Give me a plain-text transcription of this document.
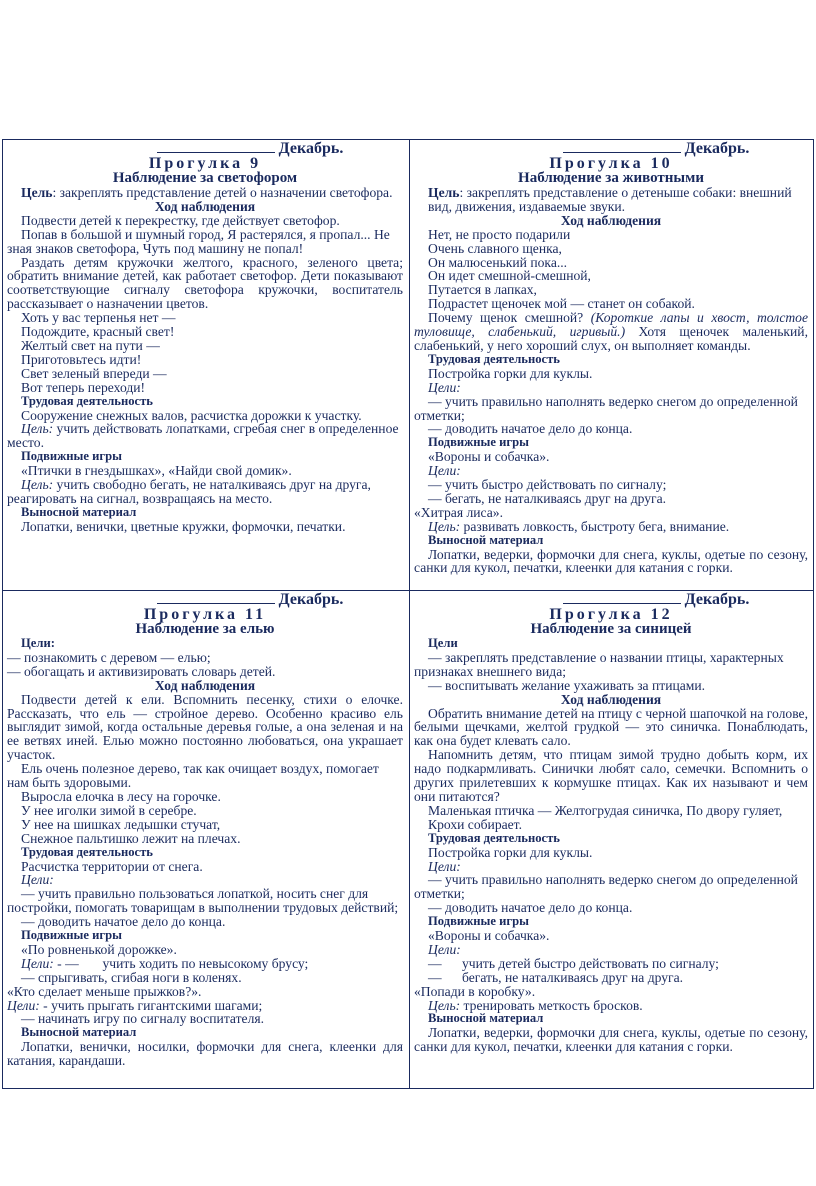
Декабрь.
Прогулка 9
Наблюдение за светофором
Цель: закреплять представление детей о назначении светофора.
Ход наблюдения

Подвести детей к перекрестку, где действует светофор.

Попав в большой и шумный город, Я растерялся, я пропал... Не зная знаков светофора, Чуть под машину не попал!

Раздать детям кружочки желтого, красного, зеленого цвета; обратить внимание детей, как работает светофор. Дети показывают соответствующие сигналу светофора кружочки, воспитатель рассказывает о назначении цветов.

Хоть у вас терпенья нет —
Подождите, красный свет!
Желтый свет на пути —
Приготовьтесь идти!
Свет зеленый впереди —
Вот теперь переходи!
Трудовая деятельность
Сооружение снежных валов, расчистка дорожки к участку.

Цель: учить действовать лопатками, сгребая снег в определенное место.

Подвижные игры
«Птички в гнездышках», «Найди свой домик».

Цель: учить свободно бегать, не наталкиваясь друг на друга, реагировать на сигнал, возвращаясь на место.

Выносной материал
Лопатки, венички, цветные кружки, формочки, печатки.
Декабрь.
Прогулка 10
Наблюдение за животными
Цель: закреплять представление о детеныше собаки: внешний вид, движения, издаваемые звуки.
Ход наблюдения
Нет, не просто подарили
Очень славного щенка,
Он малюсенький пока...
Он идет смешной-смешной,
Путается в лапках,
Подрастет щеночек мой — станет он собакой.

Почему щенок смешной? (Короткие лапы и хвост, толстое туловище, слабенький, игривый.) Хотя щеночек маленький, слабенький, у него хороший слух, он выполняет команды.

Трудовая деятельность
Постройка горки для куклы.
Цели:

— учить правильно наполнять ведерко снегом до определенной отметки;

— доводить начатое дело до конца.

Подвижные игры
«Вороны и собачка».
Цели:
— учить быстро действовать по сигналу;
— бегать, не наталкиваясь друг на друга.
«Хитрая лиса».
Цель: развивать ловкость, быстроту бега, внимание.
Выносной материал

Лопатки, ведерки, формочки для снега, куклы, одетые по сезону, санки для кукол, печатки, клеенки для катания с горки.

Декабрь.
Прогулка 11
Наблюдение за елью
Цели:
— познакомить с деревом — елью;
— обогащать и активизировать словарь детей.
Ход наблюдения

Подвести детей к ели. Вспомнить песенку, стихи о елочке. Рассказать, что ель — стройное дерево. Особенно красиво ель выглядит зимой, когда остальные деревья голые, а она зеленая и на ее ветвях иней. Елью можно постоянно любоваться, она украшает участок.

Ель очень полезное дерево, так как очищает воздух, помогает нам быть здоровыми.

Выросла елочка в лесу на горочке.
У нее иголки зимой в серебре.
У нее на шишках ледышки стучат,
Снежное пальтишко лежит на плечах.
Трудовая деятельность
Расчистка территории от снега.
Цели:

— учить правильно пользоваться лопаткой, носить снег для постройки, помогать товарищам в выполнении трудовых действий;

— доводить начатое дело до конца.

Подвижные игры
«По ровненькой дорожке».
Цели: - —       учить ходить по невысокому брусу;
— спрыгивать, сгибая ноги в коленях.
«Кто сделает меньше прыжков?».
Цели: - учить прыгать гигантскими шагами;
— начинать игру по сигналу воспитателя.
Выносной материал

Лопатки, венички, носилки, формочки для снега, клеенки для катания, карандаши.

Декабрь.
Прогулка 12
Наблюдение за синицей
Цели

— закреплять представление о названии птицы, характерных признаках внешнего вида;

— воспитывать желание ухаживать за птицами.

Ход наблюдения

Обратить внимание детей на птицу с черной шапочкой на голове, белыми щечками, желтой грудкой — это синичка. Понаблюдать, как она будет клевать сало.

Напомнить детям, что птицам зимой трудно добыть корм, их надо подкармливать. Синички любят сало, семечки. Вспомнить о других прилетевших к кормушке птицах. Как их называют и чем они питаются?

Маленькая птичка — Желтогрудая синичка, По двору гуляет,

Крохи собирает.
Трудовая деятельность
Постройка горки для куклы.
Цели:

— учить правильно наполнять ведерко снегом до определенной отметки;

— доводить начатое дело до конца.

Подвижные игры
«Вороны и собачка».
Цели:
—      учить детей быстро действовать по сигналу;
—      бегать, не наталкиваясь друг на друга.
«Попади в коробку».
Цель: тренировать меткость бросков.
Выносной материал

Лопатки, ведерки, формочки для снега, куклы, одетые по сезону, санки для кукол, печатки, клеенки для катания с горки.
